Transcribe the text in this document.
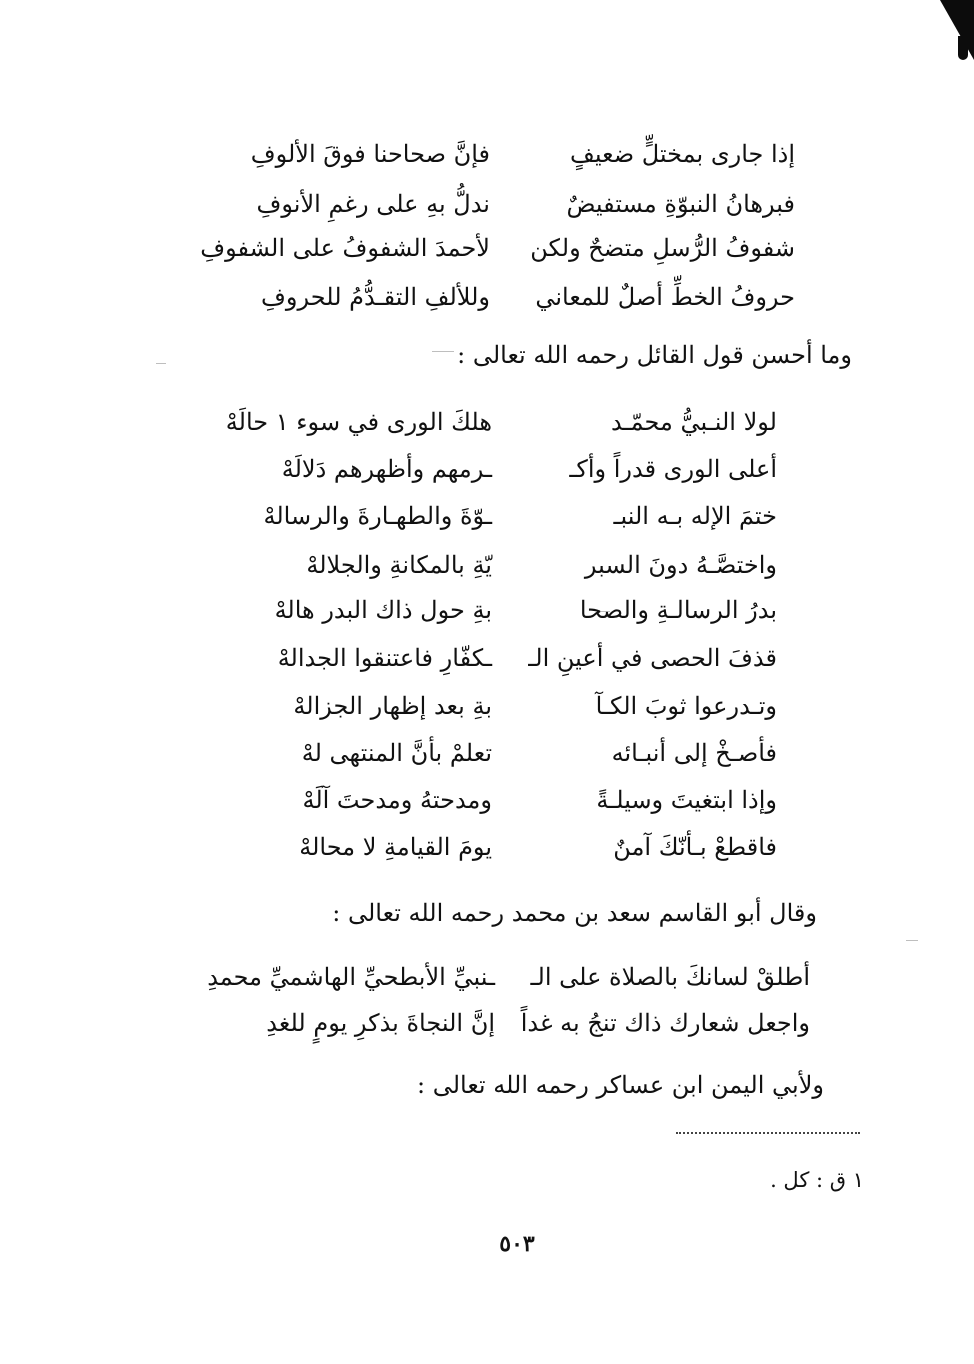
إذا جارى بمختلٍّ ضعيفٍ
فإنَّ صحاحنا فوقَ الألوفِ
فبرهانُ النبوّةِ مستفيضٌ
ندلُّ بهِ على رغمِ الأنوفِ
شفوفُ الرُّسلِ متضحٌ ولكن
لأحمدَ الشفوفُ على الشفوفِ
حروفُ الخطِّ أصلٌ للمعاني
وللألفِ التقـدُّمُ للحروفِ
وما أحسن قول القائل رحمه الله تعالى :
لولا النـبيُّ محمّـد
هلكَ الورى في سوء ١ حالَهْ
أعلى الورى قدراً وأكـ
ـرمهم وأظهرهم دَلالَهْ
ختمَ الإله بـه النبـ
ـوّةَ والطهـارةَ والرسالهْ
واختصَّـهُ دونَ السبر
يّةِ بالمكانةِ والجلالهْ
بدرُ الرسالـةِ والصحا
بةِ حول ذاك البدر هالهْ
قذفَ الحصى في أعينِ الـ
ـكفّارِ فاعتنقوا الجدالهْ
وتـدرعوا ثوبَ الكـآ
بةِ بعد إظهار الجزالهْ
فأصـخْ إلى أنبـائه
تعلمْ بأنَّ المنتهى لهْ
وإذا ابتغيتَ وسيلـةً
ومدحتهُ ومدحتَ آلَهْ
فاقطعْ بـأنّكَ آمنٌ
يومَ القيامةِ لا محالهْ
وقال أبو القاسم سعد بن محمد رحمه الله تعالى :
أطلقْ لسانكَ بالصلاة على الـ
ـنبيِّ الأبطحيِّ الهاشميِّ محمدِ
واجعل شعارك ذاك تنجُ به غداً
إنَّ النجاةَ بذكرِ يومٍ للغدِ
ولأبي اليمن ابن عساكر رحمه الله تعالى :
١ ق : كل .
٥٠٣
